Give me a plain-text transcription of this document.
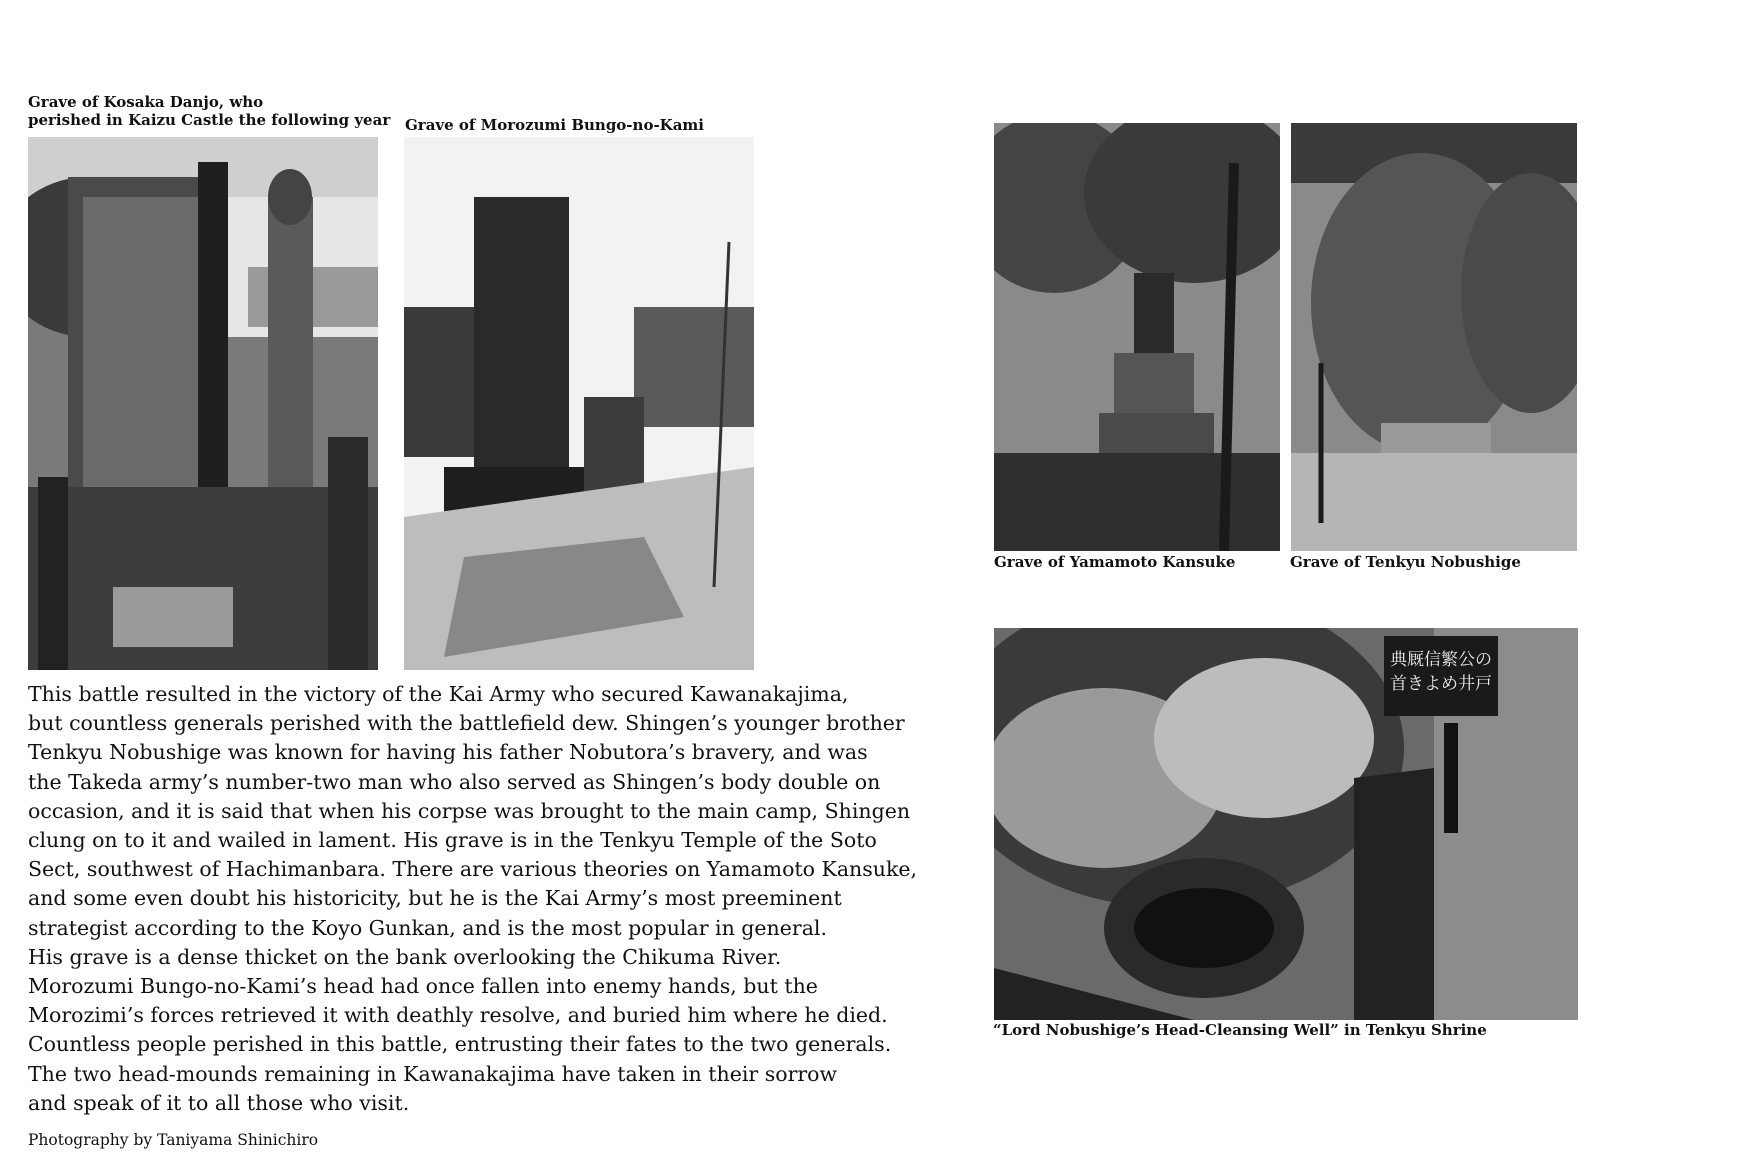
Grave of Kosaka Danjo, who
perished in Kaizu Castle the following year Grave of Morozumi Bungo-no-Kami
Grave of Yamamoto Kansuke	Grave of Tenkyu Nobushige
典厩信繁公の
首きよめ井戸
“Lord Nobushige’s Head-Cleansing Well” in Tenkyu Shrine
This battle resulted in the victory of the Kai Army who secured Kawanakajima,
but countless generals perished with the battlefield dew. Shingen’s younger brother
Tenkyu Nobushige was known for having his father Nobutora’s bravery, and was
the Takeda army’s number-two man who also served as Shingen’s body double on
occasion, and it is said that when his corpse was brought to the main camp, Shingen
clung on to it and wailed in lament. His grave is in the Tenkyu Temple of the Soto
Sect, southwest of Hachimanbara. There are various theories on Yamamoto Kansuke,
and some even doubt his historicity, but he is the Kai Army’s most preeminent
strategist according to the Koyo Gunkan, and is the most popular in general.
His grave is a dense thicket on the bank overlooking the Chikuma River.
Morozumi Bungo-no-Kami’s head had once fallen into enemy hands, but the
Morozimi’s forces retrieved it with deathly resolve, and buried him where he died.
Countless people perished in this battle, entrusting their fates to the two generals.
The two head-mounds remaining in Kawanakajima have taken in their sorrow
and speak of it to all those who visit.
Photography by Taniyama Shinichiro
